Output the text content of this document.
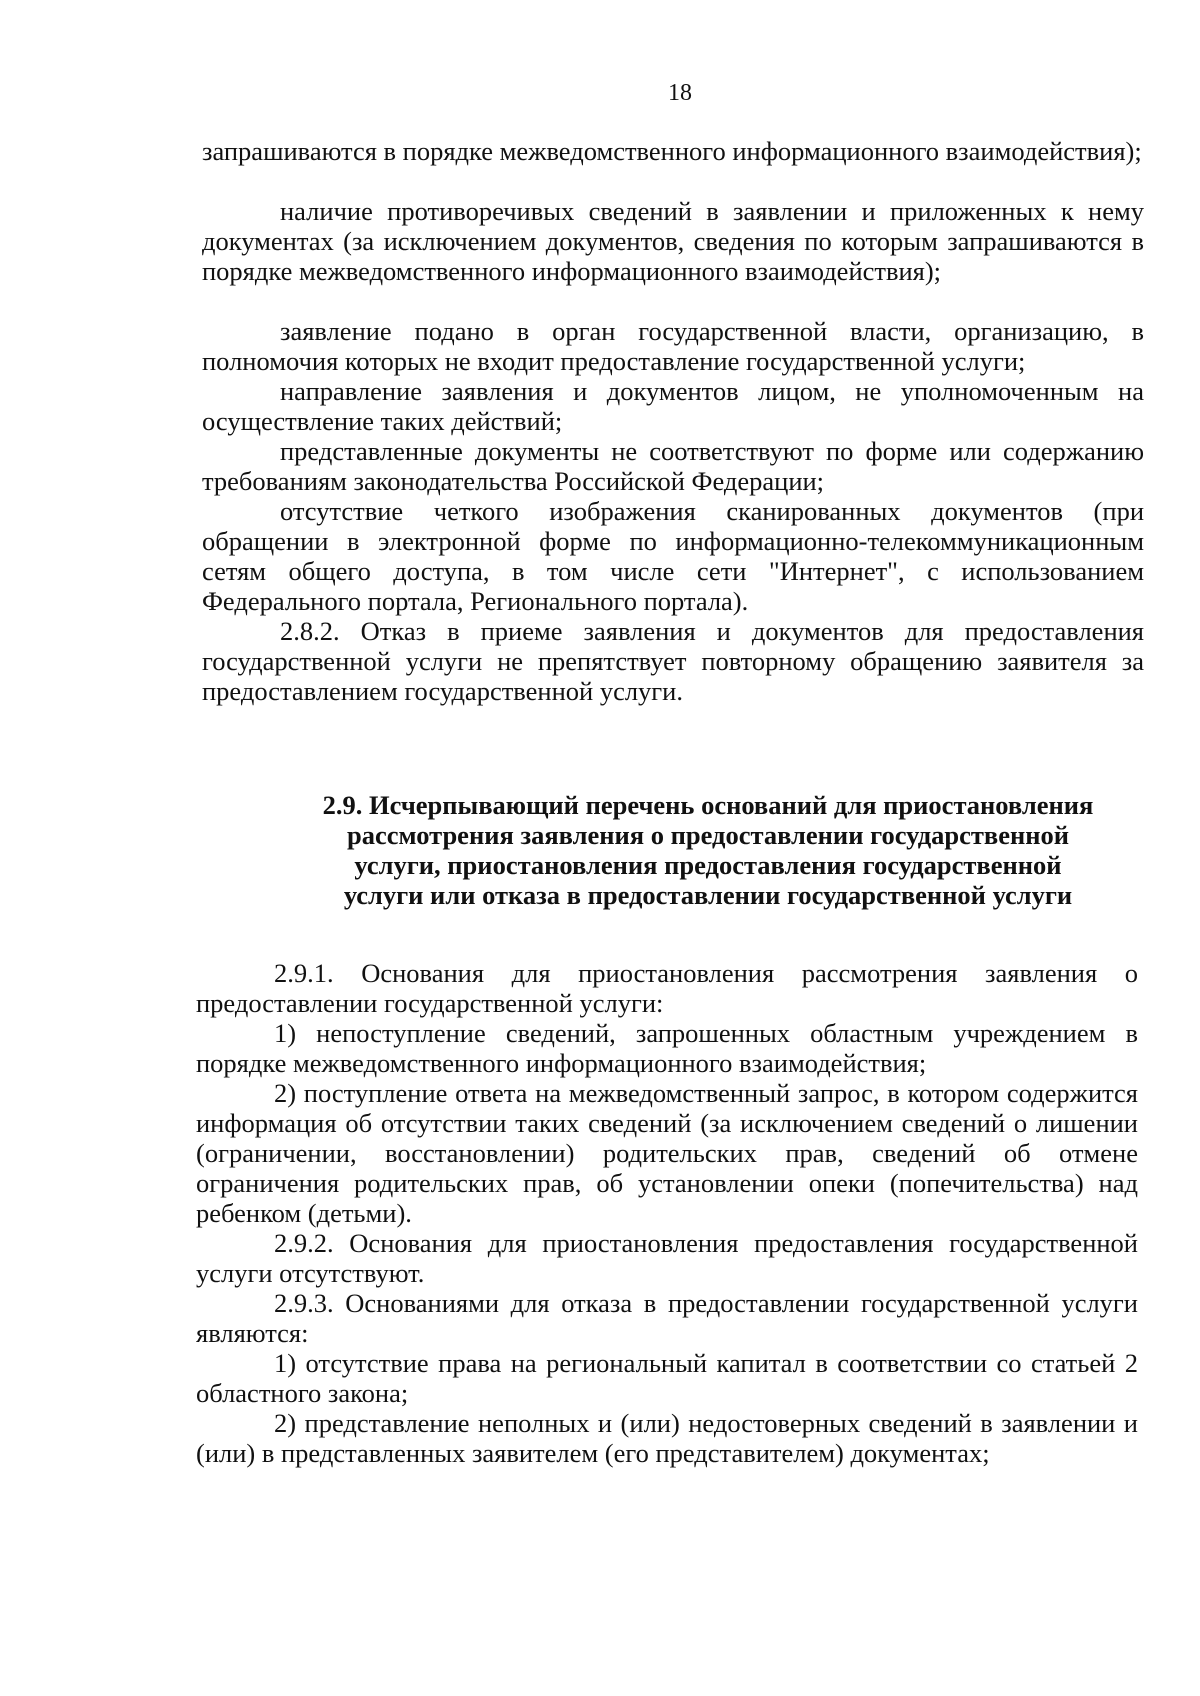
18

запрашиваются в порядке межведомственного информационного взаимодействия);

наличие противоречивых сведений в заявлении и приложенных к нему документах (за исключением документов, сведения по которым запрашиваются в порядке межведомственного информационного взаимодействия);

заявление подано в орган государственной власти, организацию, в полномочия которых не входит предоставление государственной услуги;

направление заявления и документов лицом, не уполномоченным на осуществление таких действий;

представленные документы не соответствуют по форме или содержанию требованиям законодательства Российской Федерации;

отсутствие четкого изображения сканированных документов (при обращении в электронной форме по информационно-телекоммуникационным сетям общего доступа, в том числе сети "Интернет", с использованием Федерального портала, Регионального портала).

2.8.2. Отказ в приеме заявления и документов для предоставления государственной услуги не препятствует повторному обращению заявителя за предоставлением государственной услуги.

2.9. Исчерпывающий перечень оснований для приостановления
рассмотрения заявления о предоставлении государственной
услуги, приостановления предоставления государственной
услуги или отказа в предоставлении государственной услуги

2.9.1. Основания для приостановления рассмотрения заявления о предоставлении государственной услуги:

1) непоступление сведений, запрошенных областным учреждением в порядке межведомственного информационного взаимодействия;

2) поступление ответа на межведомственный запрос, в котором содержится информация об отсутствии таких сведений (за исключением сведений о лишении (ограничении, восстановлении) родительских прав, сведений об отмене ограничения родительских прав, об установлении опеки (попечительства) над ребенком (детьми).

2.9.2. Основания для приостановления предоставления государственной услуги отсутствуют.

2.9.3. Основаниями для отказа в предоставлении государственной услуги являются:

1) отсутствие права на региональный капитал в соответствии со статьей 2 областного закона;

2) представление неполных и (или) недостоверных сведений в заявлении и (или) в представленных заявителем (его представителем) документах;
